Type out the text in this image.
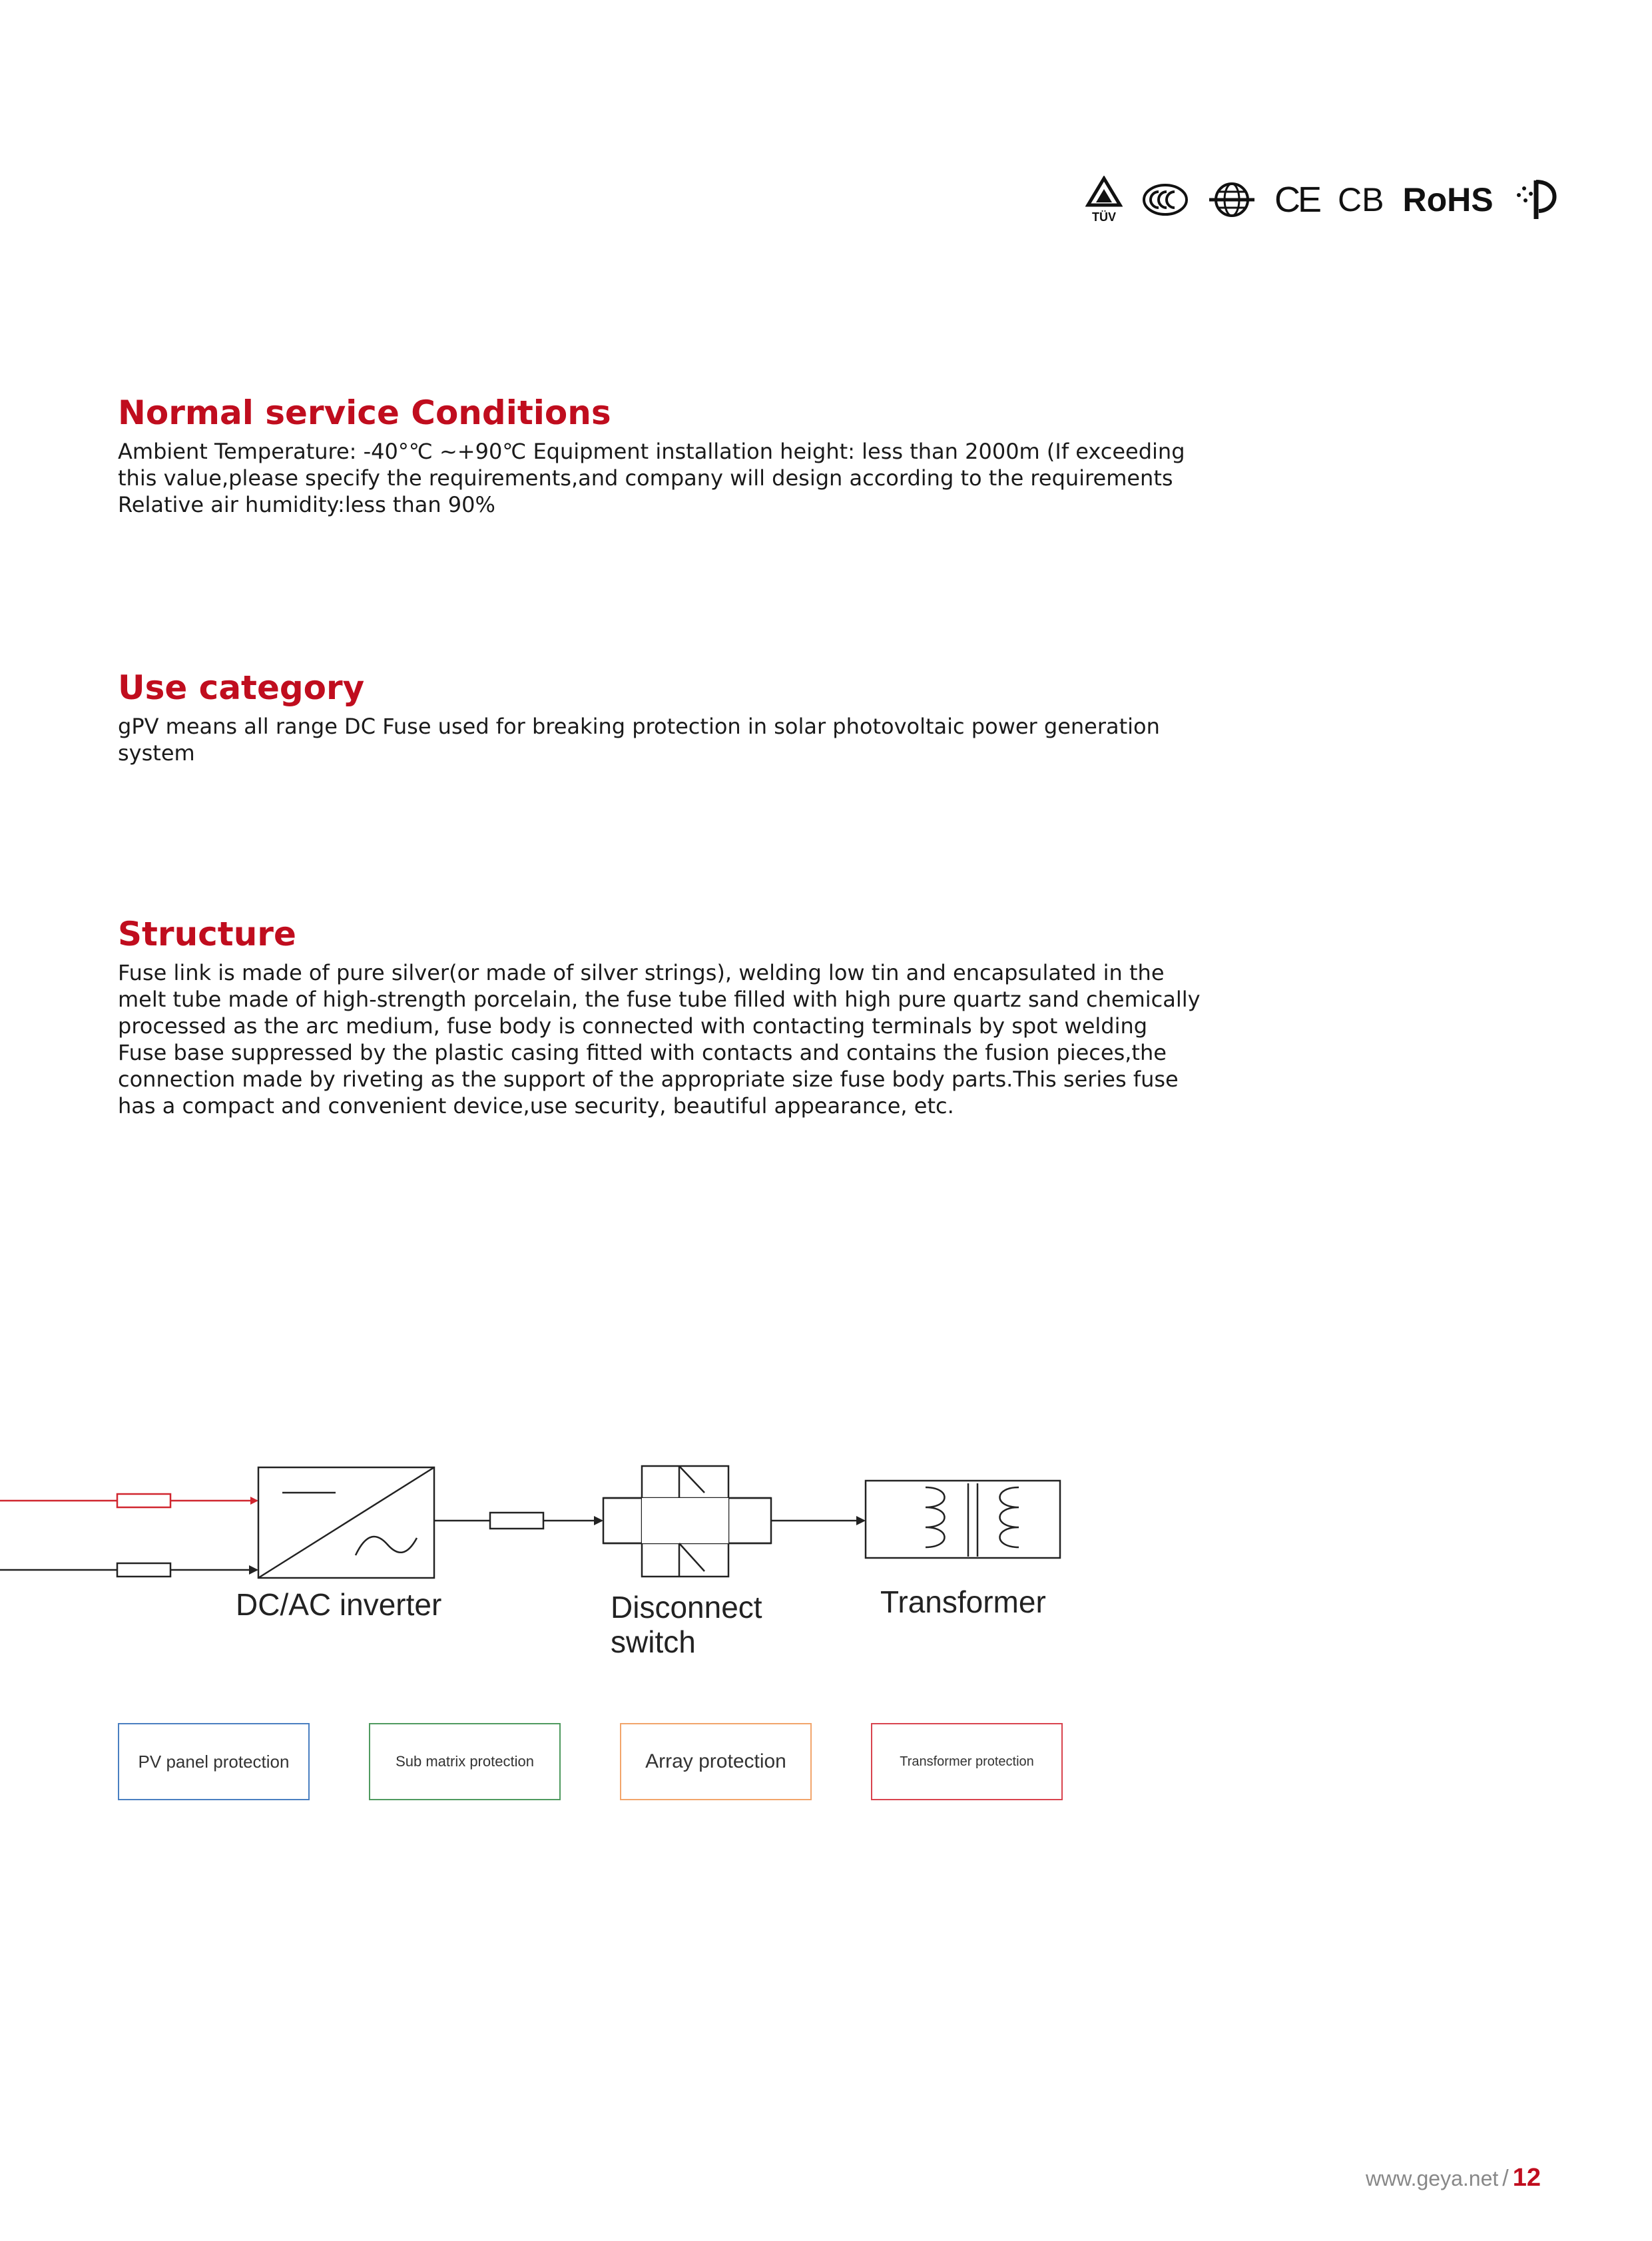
TÜV	CE CB RoHS
Normal service Conditions

Ambient Temperature: -40°℃ ~+90℃ Equipment installation height: less than 2000m (If exceeding
this value,please specify the requirements,and company will design according to the requirements
Relative air humidity:less than 90%

Use category

gPV means all range DC Fuse used for breaking protection in solar photovoltaic power generation
system

Structure

Fuse link is made of pure silver(or made of silver strings), welding low tin and encapsulated in the
melt tube made of high-strength porcelain, the fuse tube filled with high pure quartz sand chemically
processed as the arc medium, fuse body is connected with contacting terminals by spot welding
Fuse base suppressed by the plastic casing fitted with contacts and contains the fusion pieces,the
connection made by riveting as the support of the appropriate size fuse body parts.This series fuse
has a compact and convenient device,use security, beautiful appearance, etc.

DC/AC inverter	Disconnect

switch

Transformer

PV panel protection	Sub matrix protection	Array protection	Transformer protection
www.geya.net / 12
